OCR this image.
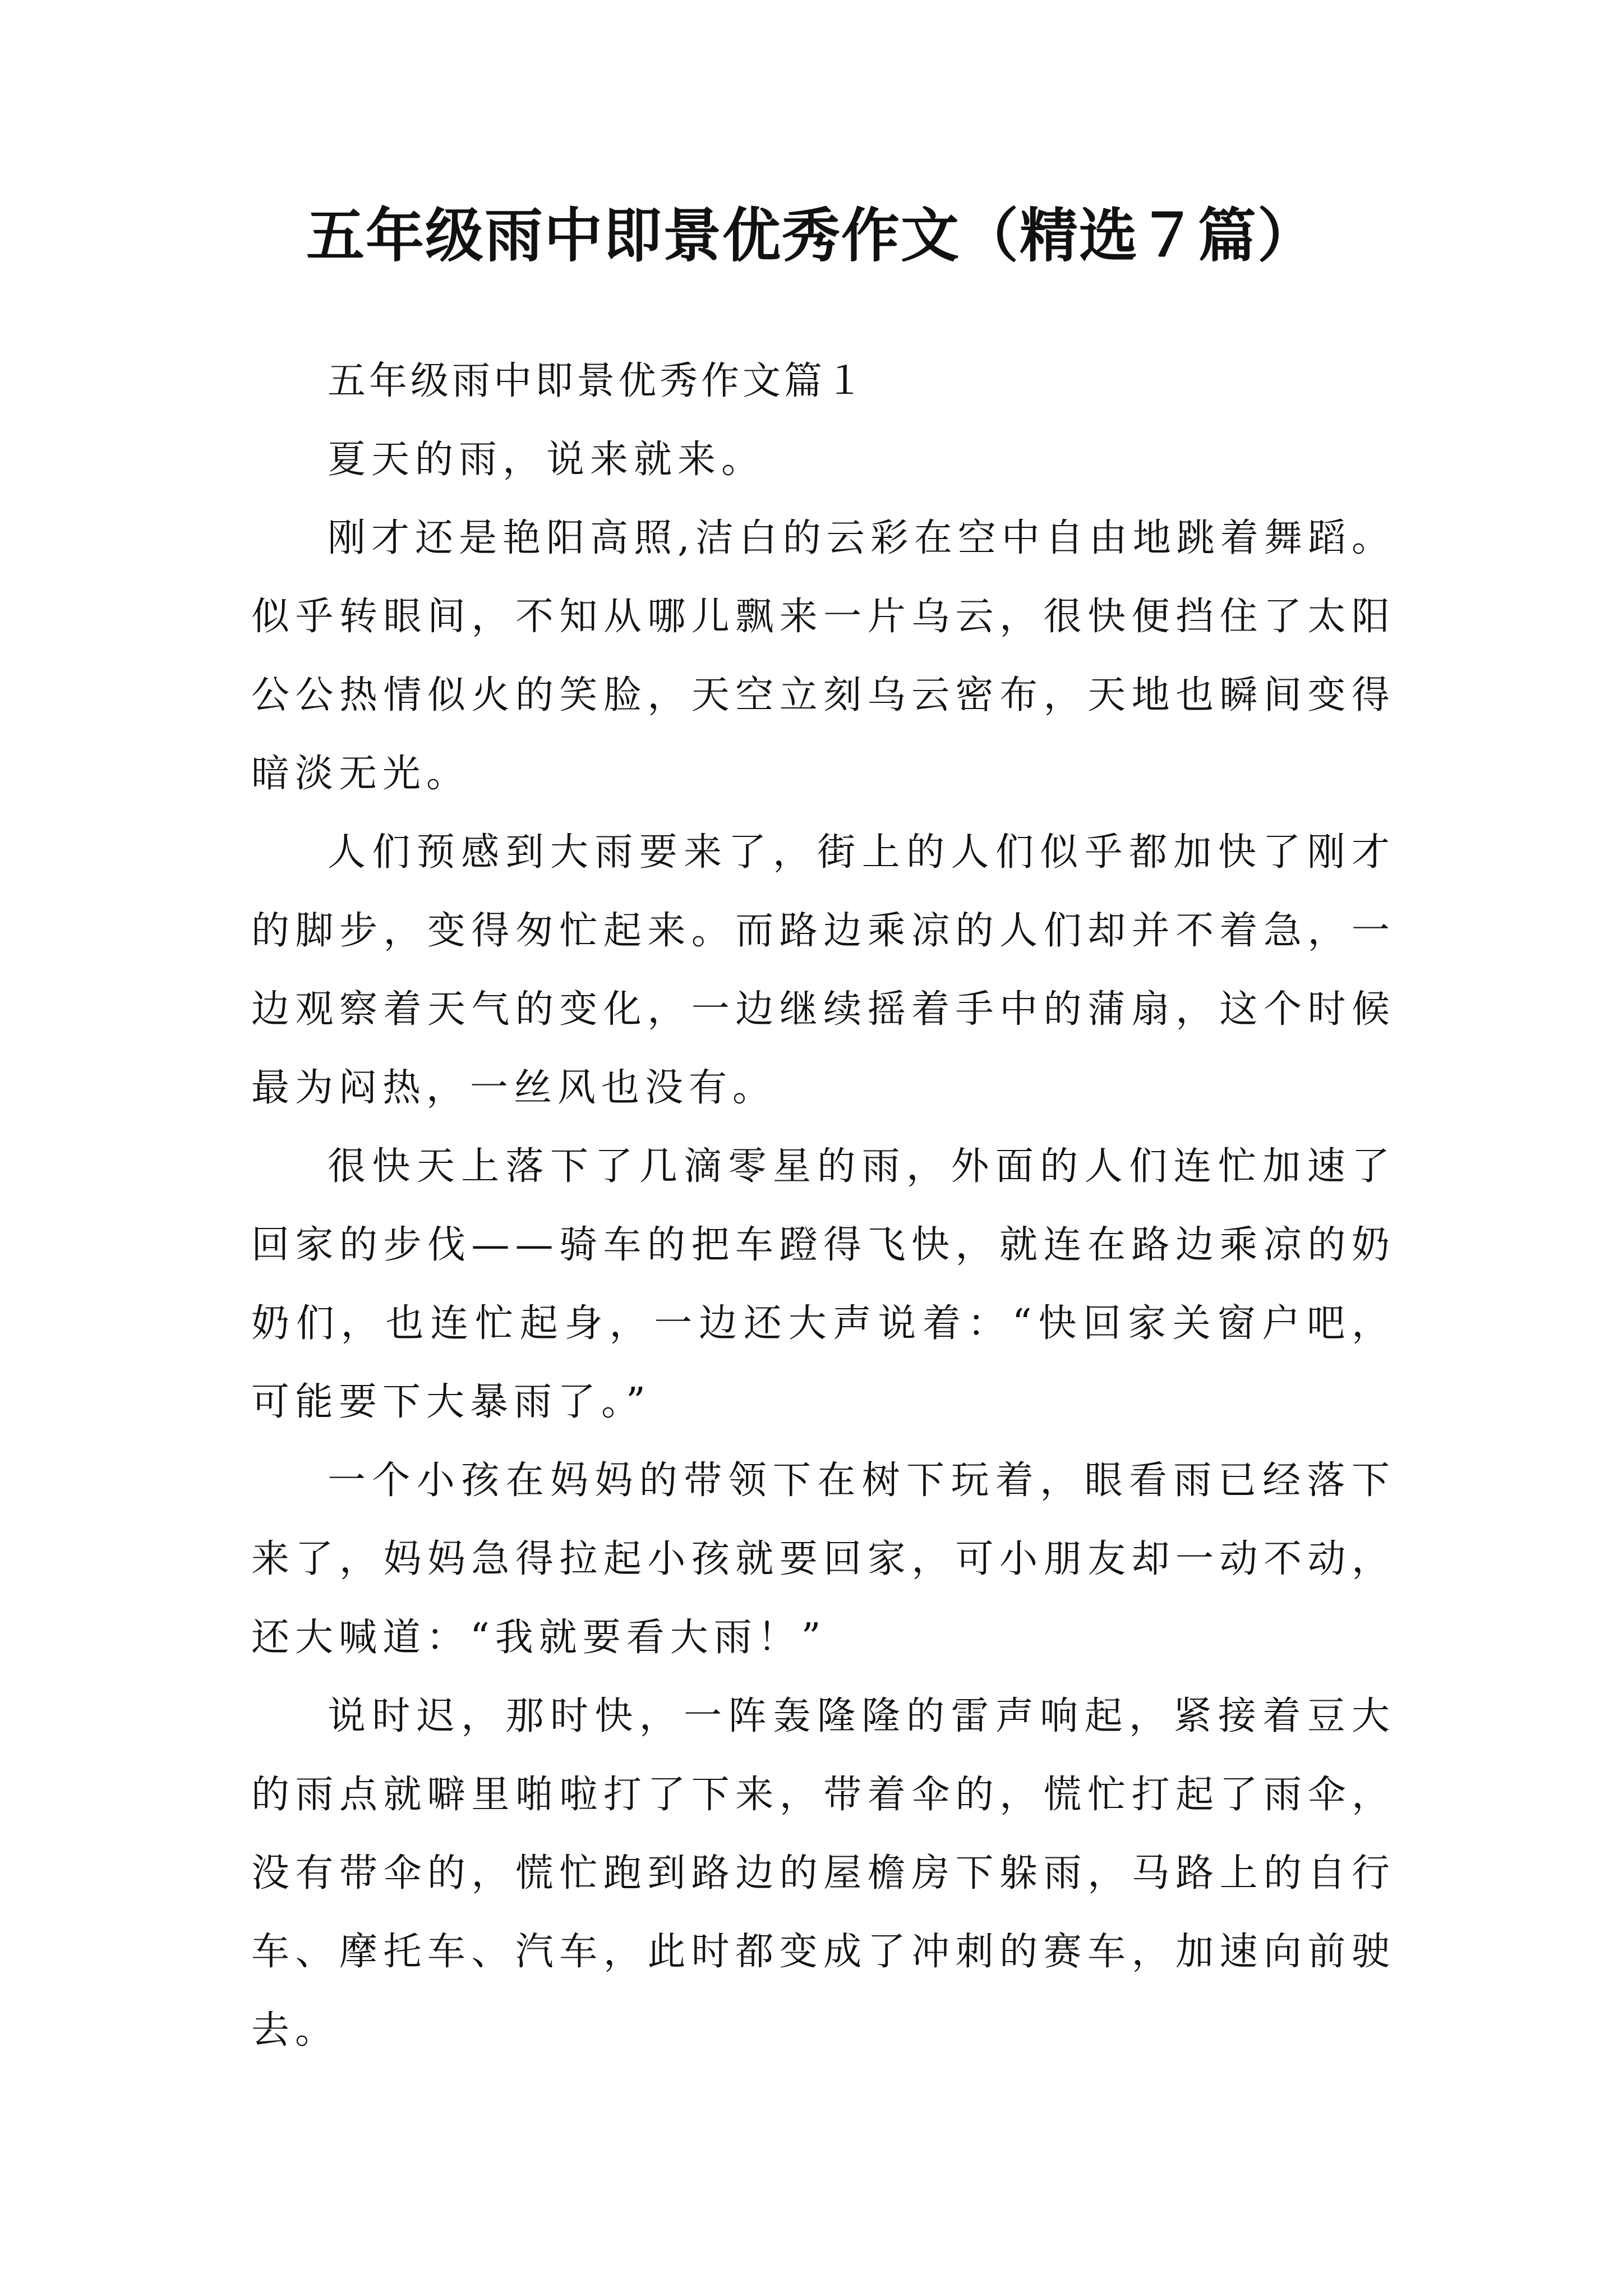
五年级雨中即景优秀作文（精选７篇）

五年级雨中即景优秀作文篇１

夏天的雨，说来就来。

刚才还是艳阳高照,洁白的云彩在空中自由地跳着舞蹈。似乎转眼间，不知从哪儿飘来一片乌云，很快便挡住了太阳公公热情似火的笑脸，天空立刻乌云密布，天地也瞬间变得暗淡无光。

人们预感到大雨要来了，街上的人们似乎都加快了刚才的脚步，变得匆忙起来。而路边乘凉的人们却并不着急，一边观察着天气的变化，一边继续摇着手中的蒲扇，这个时候最为闷热，一丝风也没有。

很快天上落下了几滴零星的雨，外面的人们连忙加速了回家的步伐——骑车的把车蹬得飞快，就连在路边乘凉的奶奶们，也连忙起身，一边还大声说着：“快回家关窗户吧，可能要下大暴雨了。”

一个小孩在妈妈的带领下在树下玩着，眼看雨已经落下来了，妈妈急得拉起小孩就要回家，可小朋友却一动不动，还大喊道：“我就要看大雨！”

说时迟，那时快，一阵轰隆隆的雷声响起，紧接着豆大的雨点就噼里啪啦打了下来，带着伞的，慌忙打起了雨伞，没有带伞的，慌忙跑到路边的屋檐房下躲雨，马路上的自行车、摩托车、汽车，此时都变成了冲刺的赛车，加速向前驶去。
